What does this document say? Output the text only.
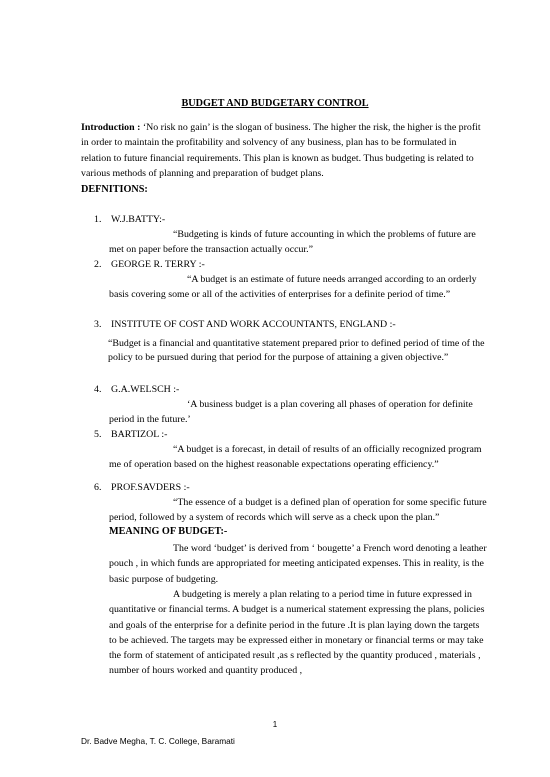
BUDGET AND BUDGETARY CONTROL
Introduction : ‘No risk no gain’ is the slogan of business. The higher the risk, the higher is the profit in order to maintain the profitability and solvency of any business, plan has to be formulated in relation to future financial requirements. This plan is known as budget. Thus budgeting is related to various methods of planning and preparation of budget plans.
DEFNITIONS:
1. W.J.BATTY:-
“Budgeting is kinds of future accounting in which the problems of future are met on paper before the transaction actually occur.”
2. GEORGE R. TERRY :-
“A budget is an estimate of future needs arranged according to an orderly basis covering some or all of the activities of enterprises for a definite period of time.”
3. INSTITUTE OF COST AND WORK ACCOUNTANTS, ENGLAND :-
“Budget is a financial and quantitative statement prepared prior to defined period of time of the policy to be pursued during that period for the purpose of attaining a given objective.”
4. G.A.WELSCH :-
‘A business budget is a plan covering all phases of operation for definite period in the future.’
5. BARTIZOL :-
“A budget is a forecast, in detail of results of an officially recognized program me of operation based on the highest reasonable expectations operating efficiency.”
6. PROF.SAVDERS :-
“The essence of a budget is a defined plan of operation for some specific future period, followed by a system of records which will serve as a check upon the plan.”
MEANING OF BUDGET:-
The word ‘budget’ is derived from ‘ bougette’ a French word denoting a leather pouch , in which funds are appropriated for meeting anticipated expenses. This in reality, is the basic purpose of budgeting.
A budgeting is merely a plan relating to a period time in future expressed in quantitative or financial terms. A budget is a numerical statement expressing the plans, policies and goals of the enterprise for a definite period in the future .It is plan laying down the targets to be achieved. The targets may be expressed either in monetary or financial terms or may take the form of statement of anticipated result ,as s reflected by the quantity produced , materials , number of hours worked and quantity produced ,
1
Dr. Badve Megha, T. C. College, Baramati
